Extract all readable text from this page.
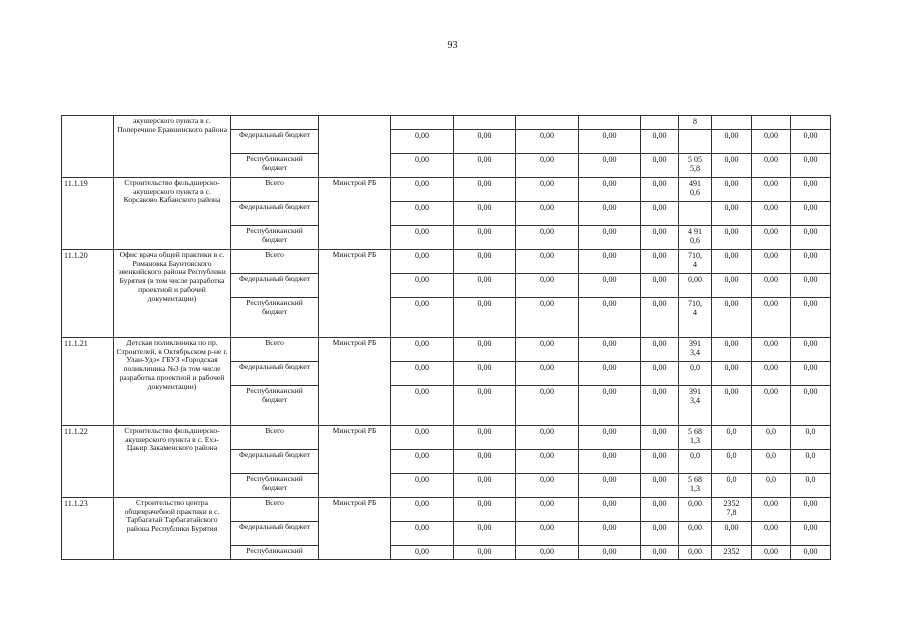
93
	акушерского пункта в с. Поперечное Еравнинского района								8			
		Федеральный бюджет		0,00	0,00	0,00	0,00	0,00		0,00	0,00	0,00
		Республиканский бюджет		0,00	0,00	0,00	0,00	0,00	5 055,8	0,00	0,00	0,00
11.1.19	Строительство фельдшерско-акушерского пункта в с. Корсаково Кабанского района	Всего	Минстрой РБ	0,00	0,00	0,00	0,00	0,00	4910,6	0,00	0,00	0,00
		Федеральный бюджет		0,00	0,00	0,00	0,00	0,00		0,00	0,00	0,00
		Республиканский бюджет		0,00	0,00	0,00	0,00	0,00	4 910,6	0,00	0,00	0,00
11.1.20	Офис врача общей практики в с. Романовка Баунтовского эвенкийского района Республики Бурятия (в том числе разработка проектной и рабочей документации)	Всего	Минстрой РБ	0,00	0,00	0,00	0,00	0,00	710,4	0,00	0,00	0,00
		Федеральный бюджет		0,00	0,00	0,00	0,00	0,00	0,00	0,00	0,00	0,00
		Республиканский бюджет		0,00	0,00	0,00	0,00	0,00	710,4	0,00	0,00	0,00
11.1.21	Детская поликлиника по пр. Строителей, в Октябрьском р-не г. Улан-Удэ» ГБУЗ «Городская поликлиника №3 (в том числе разработка проектной и рабочей документации)	Всего	Минстрой РБ	0,00	0,00	0,00	0,00	0,00	3913,4	0,00	0,00	0,00
		Федеральный бюджет		0,00	0,00	0,00	0,00	0,00	0,0	0,00	0,00	0,00
		Республиканский бюджет		0,00	0,00	0,00	0,00	0,00	3913,4	0,00	0,00	0,00
11.1.22	Строительство фельдшерско-акушерского пункта в с. Ехэ-Цакир Закаменского района	Всего	Минстрой РБ	0,00	0,00	0,00	0,00	0,00	5 681,3	0,0	0,0	0,0
		Федеральный бюджет		0,00	0,00	0,00	0,00	0,00	0,0	0,0	0,0	0,0
		Республиканский бюджет		0,00	0,00	0,00	0,00	0,00	5 681,3	0,0	0,0	0,0
11.1.23	Строительство центра общеврачебной практики в с. Тарбагатай Тарбагатайского района Республики Бурятия	Всего	Минстрой РБ	0,00	0,00	0,00	0,00	0,00	0,00	2352 7,8	0,00	0,00
		Федеральный бюджет		0,00	0,00	0,00	0,00	0,00	0,00	0,00	0,00	0,00
		Республиканский		0,00	0,00	0,00	0,00	0,00	0,00	2352	0,00	0,00
